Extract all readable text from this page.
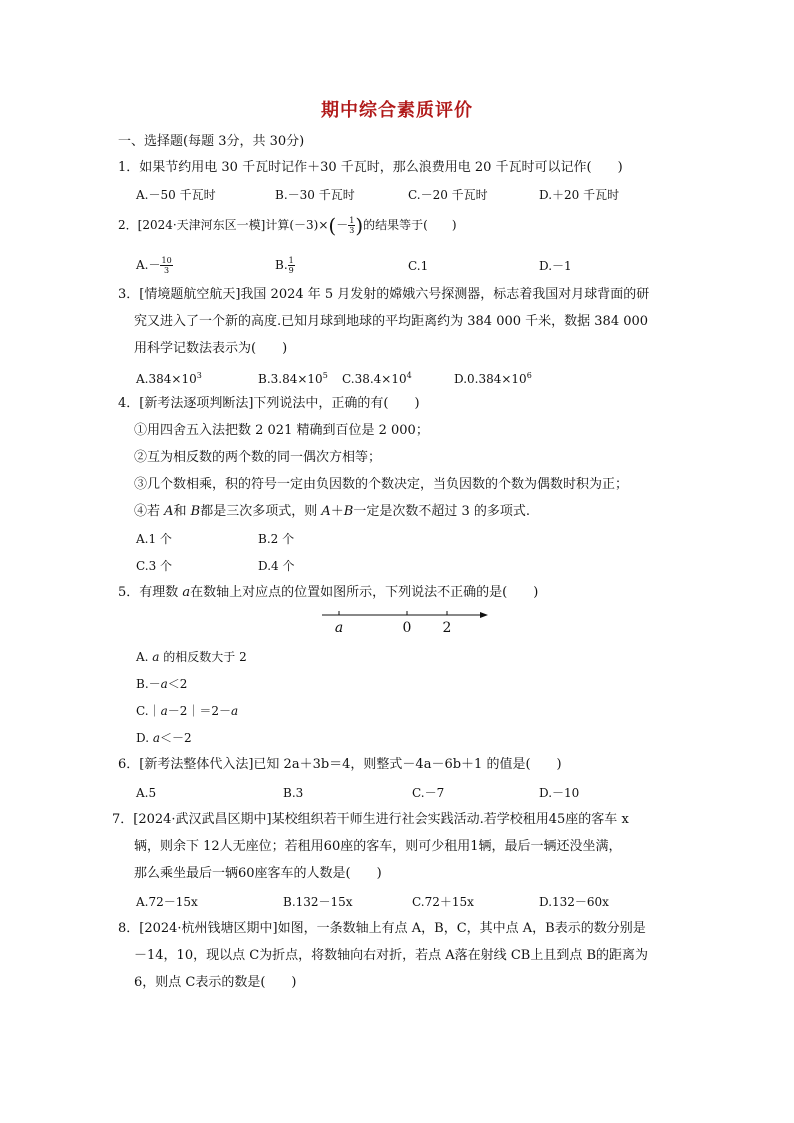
期中综合素质评价
一、选择题(每题 3分，共 30分)
1．如果节约用电 30 千瓦时记作＋30 千瓦时，那么浪费用电 20 千瓦时可以记作(　　)
A.－50 千瓦时	B.－30 千瓦时	C.－20 千瓦时	D.＋20 千瓦时
2．[2024·天津河东区一模]计算$(-3)\times(- \frac{1}{3}$ )的结果等于(　　)
$A.- \frac{10}{3}$	B. $\frac{1}{9}$	C.1	D.－1
3．[情境题航空航天]我国 2024 年 5 月发射的嫦娥六号探测器，标志着我国对月球背面的研
究又进入了一个新的高度.已知月球到地球的平均距离约为 384 000 千米，数据 384 000
用科学记数法表示为(　　)
$A.384\times 10^3$	$B.3.84\times 10^5$ $C.38.4\times 10^4$	$D.0.384\times 10^6$
4．[新考法逐项判断法]下列说法中，正确的有(　　)
①用四舍五入法把数 2 021 精确到百位是 2 000；
②互为相反数的两个数的同一偶次方相等；
③几个数相乘，积的符号一定由负因数的个数决定，当负因数的个数为偶数时积为正；
④若 A和 B都是三次多项式，则 A＋B一定是次数不超过 3 的多项式.
A.1 个	B.2 个
C.3 个	D.4 个
5．有理数 a在数轴上对应点的位置如图所示，下列说法不正确的是(　　)
a	0 2
A. a 的相反数大于 2
B.－a＜2
C.｜a－2｜＝2－a
D. a＜－2
6．[新考法整体代入法]已知 2a＋3b＝4，则整式－4a－6b＋1 的值是(　　)
A.5	B.3	C.－7	D.－10
7．[2024·武汉武昌区期中]某校组织若干师生进行社会实践活动.若学校租用45座的客车 x
辆，则余下 12人无座位；若租用60座的客车，则可少租用1辆，最后一辆还没坐满，
那么乘坐最后一辆60座客车的人数是(　　)
A.72－15x	B.132－15x	C.72＋15x	D.132－60x
8．[2024·杭州钱塘区期中]如图，一条数轴上有点 A，B，C，其中点 A，B表示的数分别是
－14，10，现以点 C为折点，将数轴向右对折，若点 A落在射线 CB上且到点 B的距离为
6，则点 C表示的数是(　　)
